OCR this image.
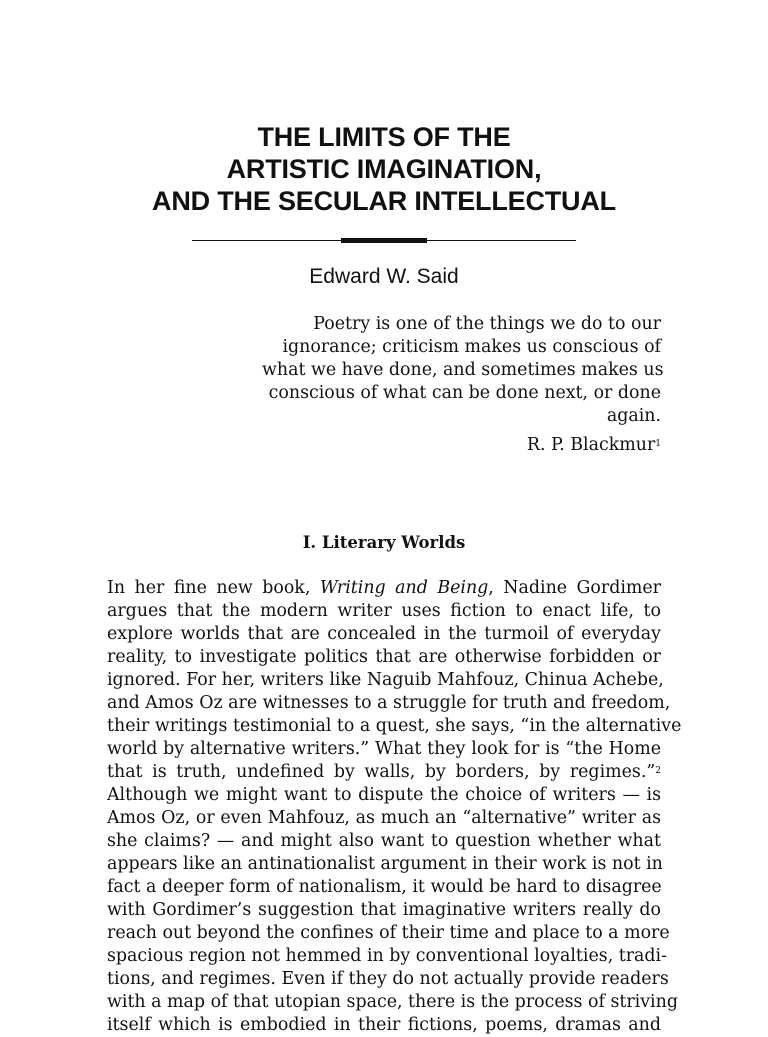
THE LIMITS OF THE
ARTISTIC IMAGINATION,
AND THE SECULAR INTELLECTUAL
Edward W. Said
Poetry is one of the things we do to our
ignorance; criticism makes us conscious of
what we have done, and sometimes makes us
conscious of what can be done next, or done
again.
R. P. Blackmur$^1$
I. Literary Worlds
In her fine new book, Writing and Being, Nadine Gordimer
argues that the modern writer uses fiction to enact life, to
explore worlds that are concealed in the turmoil of everyday
reality, to investigate politics that are otherwise forbidden or
ignored. For her, writers like Naguib Mahfouz, Chinua Achebe,
and Amos Oz are witnesses to a struggle for truth and freedom,
their writings testimonial to a quest, she says, “in the alternative
world by alternative writers.” What they look for is “the Home
that is truth, undefined by walls, by borders, by regimes.”$^2$
Although we might want to dispute the choice of writers — is
Amos Oz, or even Mahfouz, as much an “alternative” writer as
she claims? — and might also want to question whether what
appears like an antinationalist argument in their work is not in
fact a deeper form of nationalism, it would be hard to disagree
with Gordimer’s suggestion that imaginative writers really do
reach out beyond the confines of their time and place to a more
spacious region not hemmed in by conventional loyalties, tradi-
tions, and regimes. Even if they do not actually provide readers
with a map of that utopian space, there is the process of striving
itself which is embodied in their fictions, poems, dramas and
